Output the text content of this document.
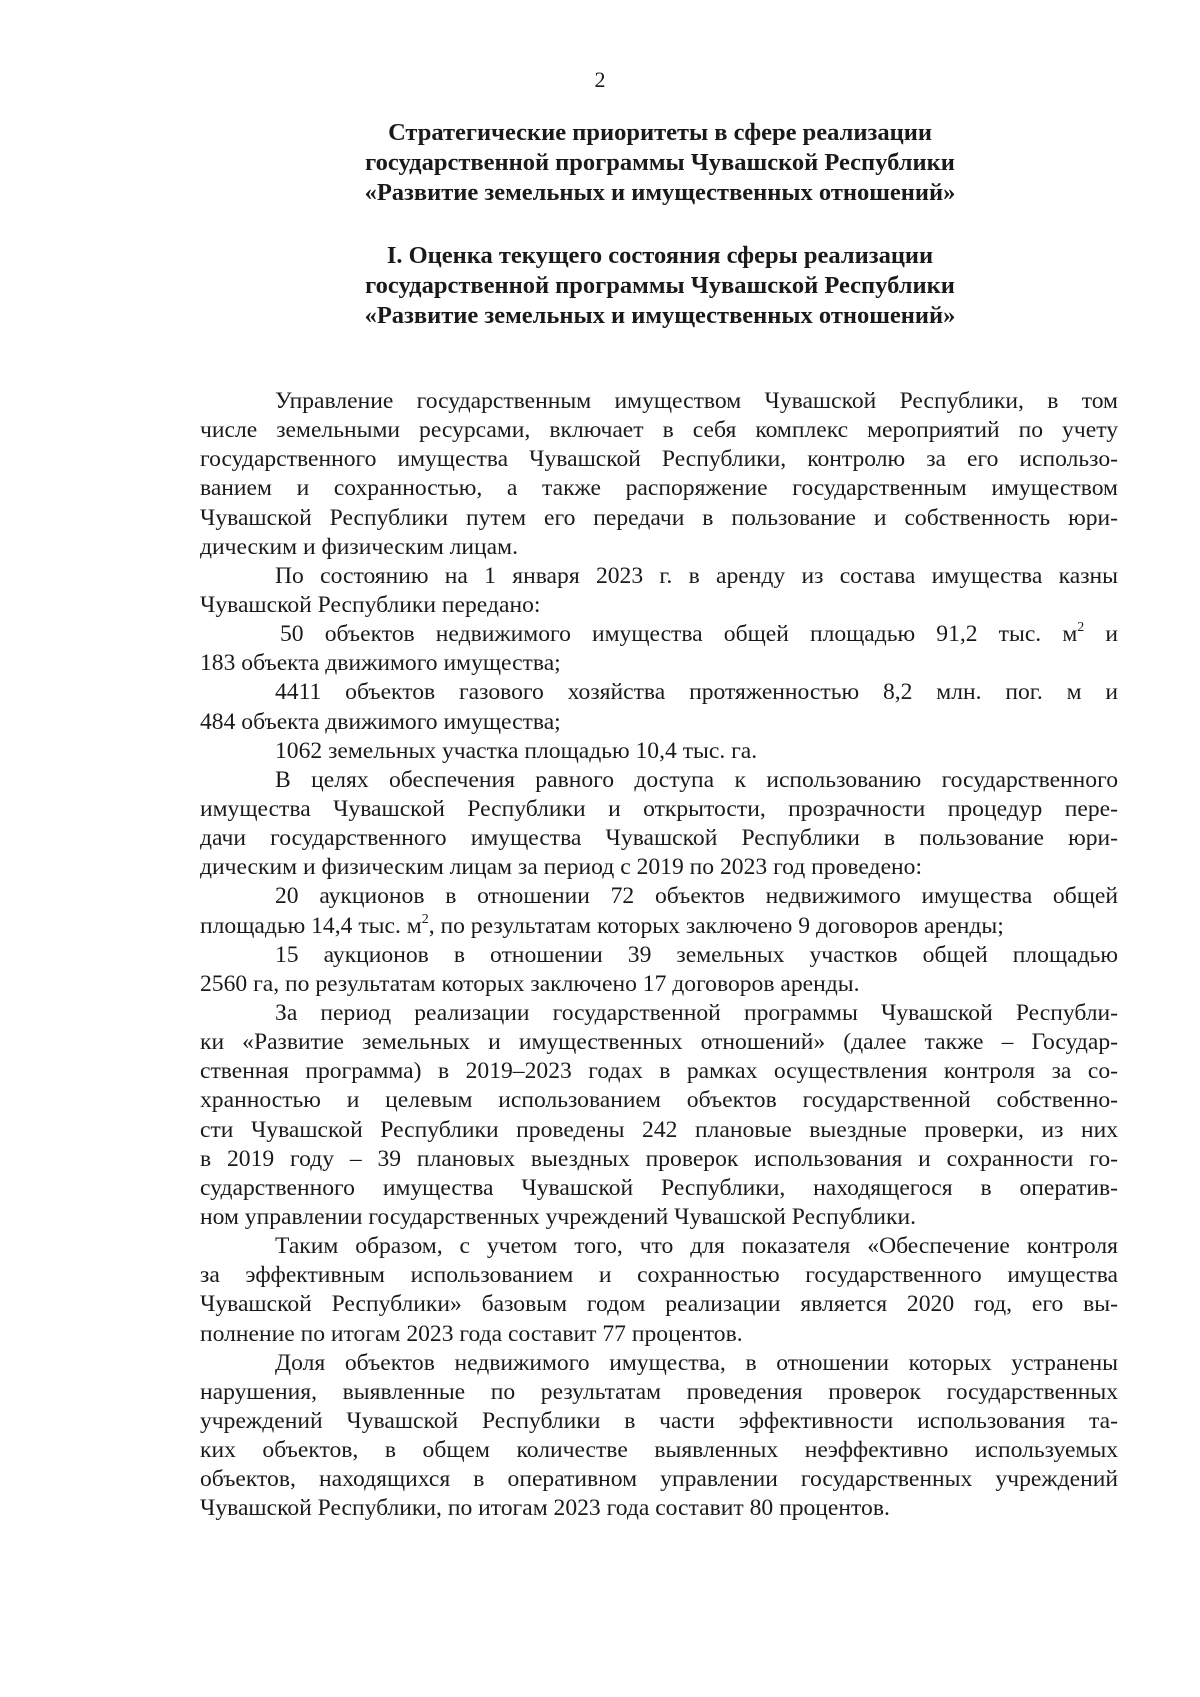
2
Стратегические приоритеты в сфере реализации
государственной программы Чувашской Республики
«Развитие земельных и имущественных отношений»
I. Оценка текущего состояния сферы реализации
государственной программы Чувашской Республики
«Развитие земельных и имущественных отношений»
Управление государственным имуществом Чувашской Республики, в том
числе земельными ресурсами, включает в себя комплекс мероприятий по учету
государственного имущества Чувашской Республики, контролю за его использо-
ванием и сохранностью, а также распоряжение государственным имуществом
Чувашской Республики путем его передачи в пользование и собственность юри-
дическим и физическим лицам.
По состоянию на 1 января 2023 г. в аренду из состава имущества казны
Чувашской Республики передано:
50 объектов недвижимого имущества общей площадью 91,2 тыс. $м^2$ и
183 объекта движимого имущества;
4411 объектов газового хозяйства протяженностью 8,2 млн. пог. м и
484 объекта движимого имущества;
1062 земельных участка площадью 10,4 тыс. га.
В целях обеспечения равного доступа к использованию государственного
имущества Чувашской Республики и открытости, прозрачности процедур пере-
дачи государственного имущества Чувашской Республики в пользование юри-
дическим и физическим лицам за период с 2019 по 2023 год проведено:
20 аукционов в отношении 72 объектов недвижимого имущества общей
площадью 14,4 тыс. $м^2$, по результатам которых заключено 9 договоров аренды;
15 аукционов в отношении 39 земельных участков общей площадью
2560 га, по результатам которых заключено 17 договоров аренды.
За период реализации государственной программы Чувашской Республи-
ки «Развитие земельных и имущественных отношений» (далее также – Государ-
ственная программа) в 2019–2023 годах в рамках осуществления контроля за со-
хранностью и целевым использованием объектов государственной собственно-
сти Чувашской Республики проведены 242 плановые выездные проверки, из них
в 2019 году – 39 плановых выездных проверок использования и сохранности го-
сударственного имущества Чувашской Республики, находящегося в оператив-
ном управлении государственных учреждений Чувашской Республики.
Таким образом, с учетом того, что для показателя «Обеспечение контроля
за эффективным использованием и сохранностью государственного имущества
Чувашской Республики» базовым годом реализации является 2020 год, его вы-
полнение по итогам 2023 года составит 77 процентов.
Доля объектов недвижимого имущества, в отношении которых устранены
нарушения, выявленные по результатам проведения проверок государственных
учреждений Чувашской Республики в части эффективности использования та-
ких объектов, в общем количестве выявленных неэффективно используемых
объектов, находящихся в оперативном управлении государственных учреждений
Чувашской Республики, по итогам 2023 года составит 80 процентов.
